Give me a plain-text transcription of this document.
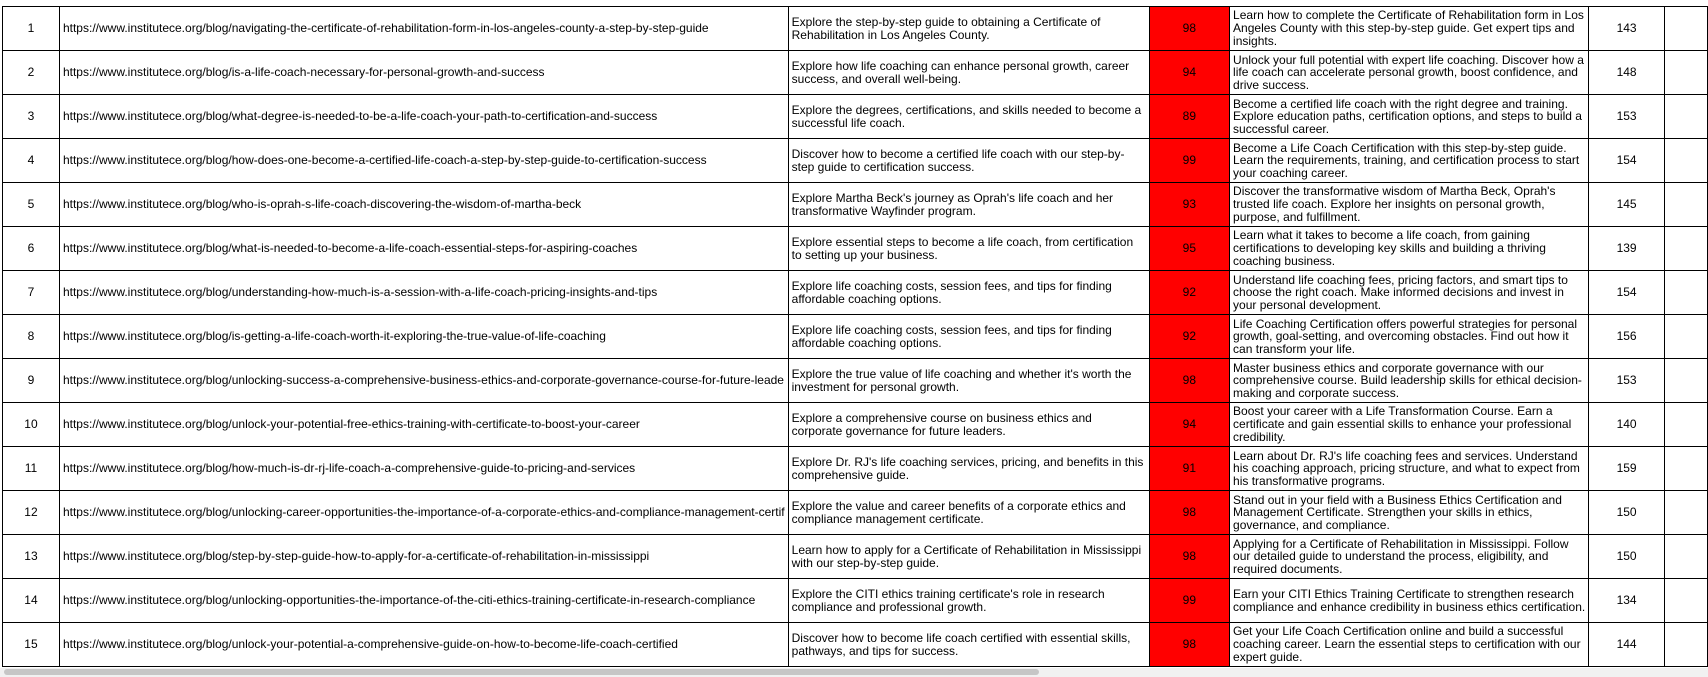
1	https://www.institutece.org/blog/navigating-the-certificate-of-rehabilitation-form-in-los-angeles-county-a-step-by-step-guide	Explore the step-by-step guide to obtaining a Certificate of Rehabilitation in Los Angeles County.	98	Learn how to complete the Certificate of Rehabilitation form in Los Angeles County with this step-by-step guide. Get expert tips and insights.	143	
2	https://www.institutece.org/blog/is-a-life-coach-necessary-for-personal-growth-and-success	Explore how life coaching can enhance personal growth, career success, and overall well-being.	94	Unlock your full potential with expert life coaching. Discover how a life coach can accelerate personal growth, boost confidence, and drive success.	148	
3	https://www.institutece.org/blog/what-degree-is-needed-to-be-a-life-coach-your-path-to-certification-and-success	Explore the degrees, certifications, and skills needed to become a successful life coach.	89	Become a certified life coach with the right degree and training. Explore education paths, certification options, and steps to build a successful career.	153	
4	https://www.institutece.org/blog/how-does-one-become-a-certified-life-coach-a-step-by-step-guide-to-certification-success	Discover how to become a certified life coach with our step-by-step guide to certification success.	99	Become a Life Coach Certification with this step-by-step guide. Learn the requirements, training, and certification process to start your coaching career.	154	
5	https://www.institutece.org/blog/who-is-oprah-s-life-coach-discovering-the-wisdom-of-martha-beck	Explore Martha Beck's journey as Oprah's life coach and her transformative Wayfinder program.	93	Discover the transformative wisdom of Martha Beck, Oprah's trusted life coach. Explore her insights on personal growth, purpose, and fulfillment.	145	
6	https://www.institutece.org/blog/what-is-needed-to-become-a-life-coach-essential-steps-for-aspiring-coaches	Explore essential steps to become a life coach, from certification to setting up your business.	95	Learn what it takes to become a life coach, from gaining certifications to developing key skills and building a thriving coaching business.	139	
7	https://www.institutece.org/blog/understanding-how-much-is-a-session-with-a-life-coach-pricing-insights-and-tips	Explore life coaching costs, session fees, and tips for finding affordable coaching options.	92	Understand life coaching fees, pricing factors, and smart tips to choose the right coach. Make informed decisions and invest in your personal development.	154	
8	https://www.institutece.org/blog/is-getting-a-life-coach-worth-it-exploring-the-true-value-of-life-coaching	Explore life coaching costs, session fees, and tips for finding affordable coaching options.	92	Life Coaching Certification offers powerful strategies for personal growth, goal-setting, and overcoming obstacles. Find out how it can transform your life.	156	
9	https://www.institutece.org/blog/unlocking-success-a-comprehensive-business-ethics-and-corporate-governance-course-for-future-leade	Explore the true value of life coaching and whether it's worth the investment for personal growth.	98	Master business ethics and corporate governance with our comprehensive course. Build leadership skills for ethical decision-making and corporate success.	153	
10	https://www.institutece.org/blog/unlock-your-potential-free-ethics-training-with-certificate-to-boost-your-career	Explore a comprehensive course on business ethics and corporate governance for future leaders.	94	Boost your career with a Life Transformation Course. Earn a certificate and gain essential skills to enhance your professional credibility.	140	
11	https://www.institutece.org/blog/how-much-is-dr-rj-life-coach-a-comprehensive-guide-to-pricing-and-services	Explore Dr. RJ's life coaching services, pricing, and benefits in this comprehensive guide.	91	Learn about Dr. RJ's life coaching fees and services. Understand his coaching approach, pricing structure, and what to expect from his transformative programs.	159	
12	https://www.institutece.org/blog/unlocking-career-opportunities-the-importance-of-a-corporate-ethics-and-compliance-management-certif	Explore the value and career benefits of a corporate ethics and compliance management certificate.	98	Stand out in your field with a Business Ethics Certification and Management Certificate. Strengthen your skills in ethics, governance, and compliance.	150	
13	https://www.institutece.org/blog/step-by-step-guide-how-to-apply-for-a-certificate-of-rehabilitation-in-mississippi	Learn how to apply for a Certificate of Rehabilitation in Mississippi with our step-by-step guide.	98	Applying for a Certificate of Rehabilitation in Mississippi. Follow our detailed guide to understand the process, eligibility, and required documents.	150	
14	https://www.institutece.org/blog/unlocking-opportunities-the-importance-of-the-citi-ethics-training-certificate-in-research-compliance	Explore the CITI ethics training certificate's role in research compliance and professional growth.	99	Earn your CITI Ethics Training Certificate to strengthen research compliance and enhance credibility in business ethics certification.	134	
15	https://www.institutece.org/blog/unlock-your-potential-a-comprehensive-guide-on-how-to-become-life-coach-certified	Discover how to become life coach certified with essential skills, pathways, and tips for success.	98	Get your Life Coach Certification online and build a successful coaching career. Learn the essential steps to certification with our expert guide.	144	
